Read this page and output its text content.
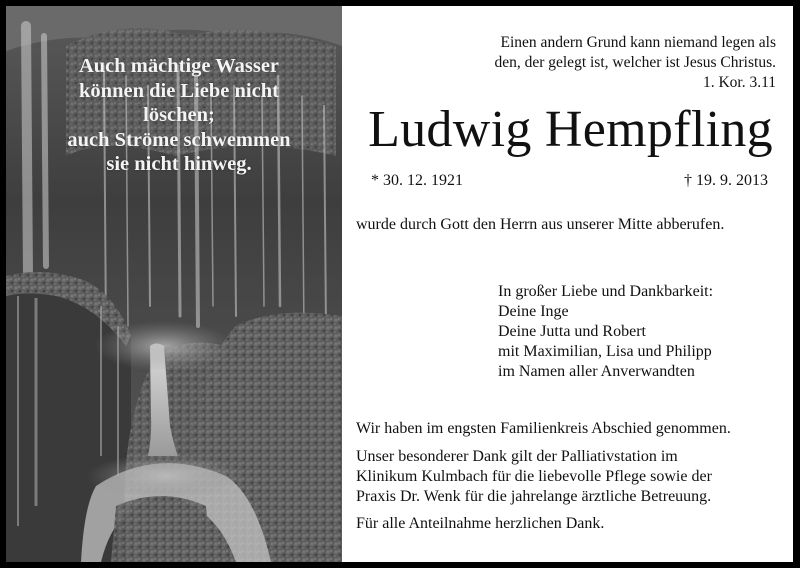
Auch mächtige Wasser
können die Liebe nicht
löschen;
auch Ströme schwemmen
sie nicht hinweg.
Einen andern Grund kann niemand legen als
den, der gelegt ist, welcher ist Jesus Christus.
1. Kor. 3.11
Ludwig Hempfling
* 30. 12. 1921	† 19. 9. 2013
wurde durch Gott den Herrn aus unserer Mitte abberufen.
In großer Liebe und Dankbarkeit:
Deine Inge
Deine Jutta und Robert
mit Maximilian, Lisa und Philipp
im Namen aller Anverwandten

Wir haben im engsten Familienkreis Abschied genommen.

Unser besonderer Dank gilt der Palliativstation im
Klinikum Kulmbach für die liebevolle Pflege sowie der
Praxis Dr. Wenk für die jahrelange ärztliche Betreuung.

Für alle Anteilnahme herzlichen Dank.
